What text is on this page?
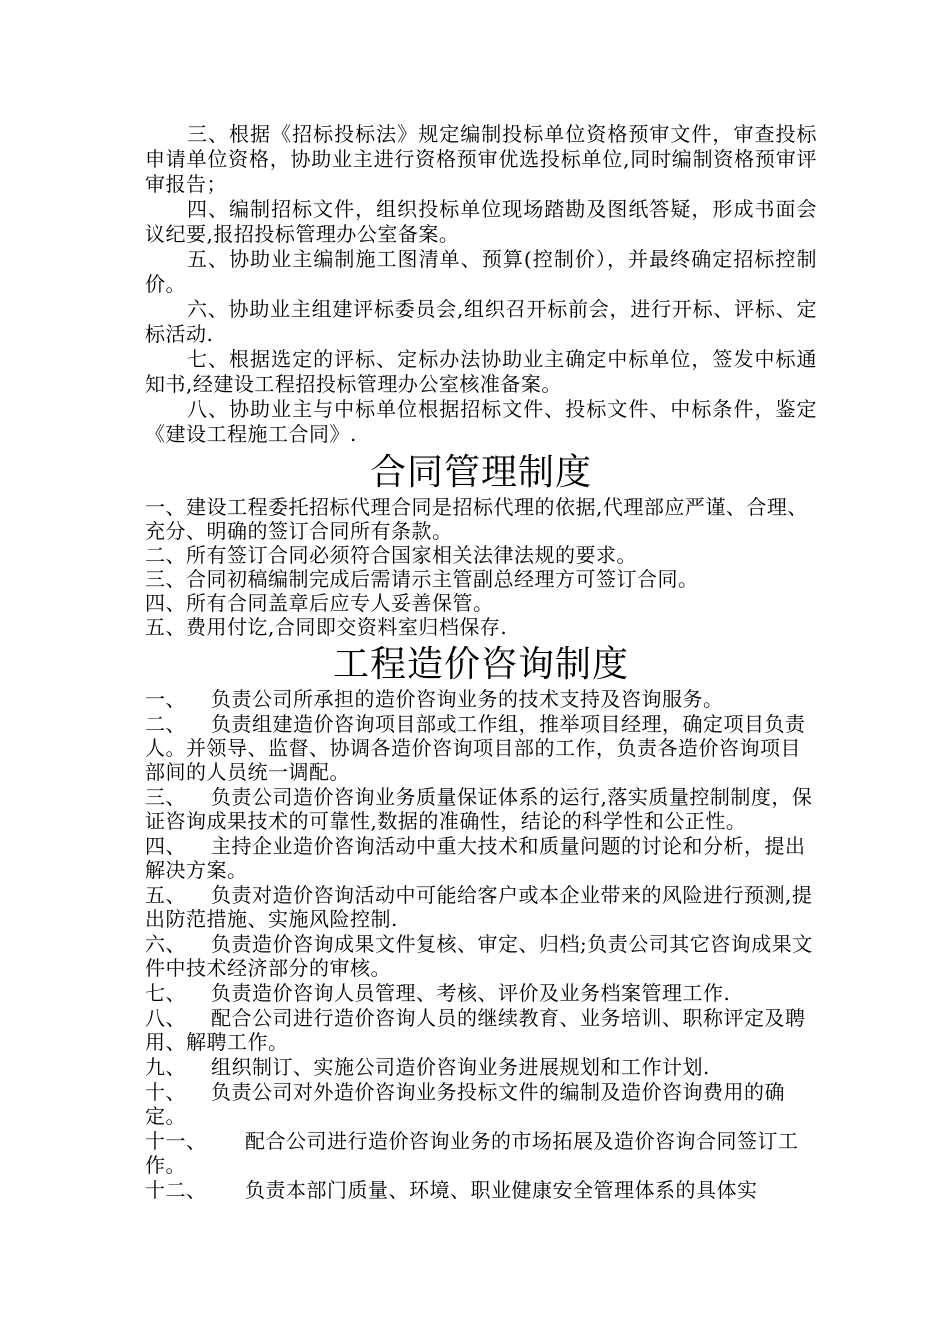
三、根据《招标投标法》规定编制投标单位资格预审文件，审查投标申请单位资格，协助业主进行资格预审优选投标单位,同时编制资格预审评审报告；

四、编制招标文件，组织投标单位现场踏勘及图纸答疑，形成书面会议纪要,报招投标管理办公室备案。

五、协助业主编制施工图清单、预算(控制价），并最终确定招标控制价。

六、协助业主组建评标委员会,组织召开标前会，进行开标、评标、定标活动.

七、根据选定的评标、定标办法协助业主确定中标单位，签发中标通知书,经建设工程招投标管理办公室核准备案。

八、协助业主与中标单位根据招标文件、投标文件、中标条件，鉴定《建设工程施工合同》.

合同管理制度

一、建设工程委托招标代理合同是招标代理的依据,代理部应严谨、合理、充分、明确的签订合同所有条款。

二、所有签订合同必须符合国家相关法律法规的要求。

三、合同初稿编制完成后需请示主管副总经理方可签订合同。

四、所有合同盖章后应专人妥善保管。

五、费用付讫,合同即交资料室归档保存.

工程造价咨询制度

一、 负责公司所承担的造价咨询业务的技术支持及咨询服务。

二、 负责组建造价咨询项目部或工作组，推举项目经理，确定项目负责人。并领导、监督、协调各造价咨询项目部的工作，负责各造价咨询项目部间的人员统一调配。

三、 负责公司造价咨询业务质量保证体系的运行,落实质量控制制度，保证咨询成果技术的可靠性,数据的准确性，结论的科学性和公正性。

四、 主持企业造价咨询活动中重大技术和质量问题的讨论和分析，提出解决方案。

五、 负责对造价咨询活动中可能给客户或本企业带来的风险进行预测,提出防范措施、实施风险控制.

六、 负责造价咨询成果文件复核、审定、归档;负责公司其它咨询成果文件中技术经济部分的审核。

七、 负责造价咨询人员管理、考核、评价及业务档案管理工作.

八、 配合公司进行造价咨询人员的继续教育、业务培训、职称评定及聘用、解聘工作。

九、 组织制订、实施公司造价咨询业务进展规划和工作计划.

十、 负责公司对外造价咨询业务投标文件的编制及造价咨询费用的确定。

十一、 配合公司进行造价咨询业务的市场拓展及造价咨询合同签订工作。

十二、 负责本部门质量、环境、职业健康安全管理体系的具体实
